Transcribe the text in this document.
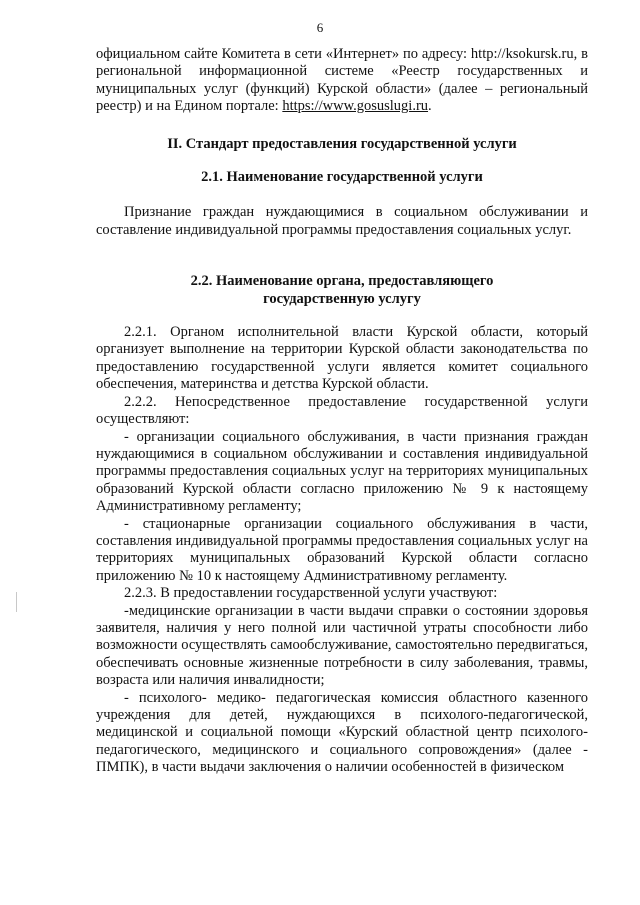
6

официальном сайте Комитета в сети «Интернет» по адресу: http://ksokursk.ru, в региональной информационной системе «Реестр государственных и муниципальных услуг (функций) Курской области» (далее – региональный реестр) и на Едином портале: https://www.gosuslugi.ru.

II. Стандарт предоставления государственной услуги
2.1. Наименование государственной услуги

Признание граждан нуждающимися в социальном обслуживании и составление индивидуальной программы предоставления социальных услуг.

2.2. Наименование органа, предоставляющего
государственную услугу

2.2.1. Органом исполнительной власти Курской области, который организует выполнение на территории Курской области законодательства по предоставлению государственной услуги является комитет социального обеспечения, материнства и детства Курской области.

2.2.2. Непосредственное предоставление государственной услуги осуществляют:

- организации социального обслуживания, в части признания граждан нуждающимися в социальном обслуживании и составления индивидуальной программы предоставления социальных услуг на территориях муниципальных образований Курской области согласно приложению № 9 к настоящему Административному регламенту;

- стационарные организации социального обслуживания в части, составления индивидуальной программы предоставления социальных услуг на территориях муниципальных образований Курской области согласно приложению № 10 к настоящему Административному регламенту.

2.2.3. В предоставлении государственной услуги участвуют:

-медицинские организации в части выдачи справки о состоянии здоровья заявителя, наличия у него полной или частичной утраты способности либо возможности осуществлять самообслуживание, самостоятельно передвигаться, обеспечивать основные жизненные потребности в силу заболевания, травмы, возраста или наличия инвалидности;

- психолого- медико- педагогическая комиссия областного казенного учреждения для детей, нуждающихся в психолого-педагогической, медицинской и социальной помощи «Курский областной центр психолого-педагогического, медицинского и социального сопровождения» (далее - ПМПК), в части выдачи заключения о наличии особенностей в физическом
